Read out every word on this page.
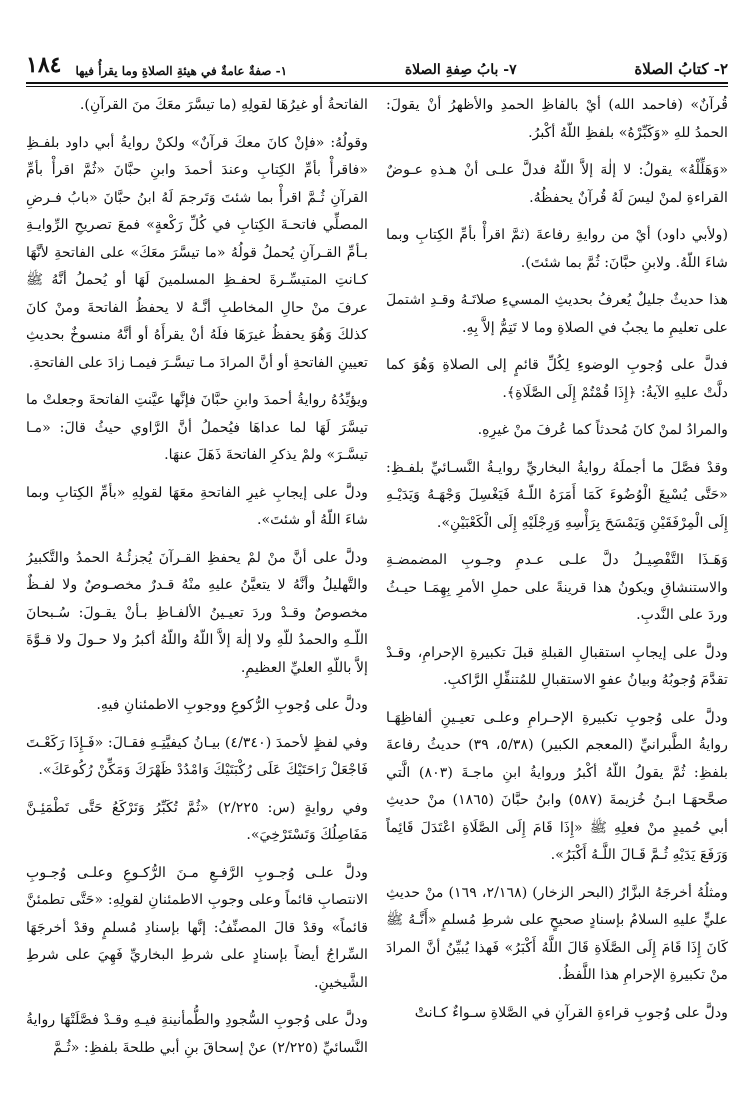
٢- كتابُ الصلاة
٧- بابُ صِفةِ الصلاة
١- صفةٌ عامةٌ في هيئةِ الصلاةِ وما يقرأُ فيها
١٨٤

قُرآنٌ» (فاحمد الله) أيْ بالفاظِ الحمدِ والأظهرُ أنْ يقولَ: الحمدُ للهِ «وَكَبِّرْهُ» بلفظِ اللّهُ أكْبرُ.

«وَهَلِّلْهُ» يقولُ: لا إلٰهَ إلاَّ اللّهُ فدلَّ علـى أنْ هـذهِ عـوضٌ القراءةِ لمنْ ليسَ لَهُ قُرآنٌ يحفظُهُ.

(ولأبي داود) أيْ من روايةِ رفاعةَ (ثمَّ اقرأْ بأمِّ الكِتابِ وبما شاءَ اللّهُ. ولابنِ حبَّانَ: ثُمَّ بما شئتَ).

هذا حديثٌ جليلٌ يُعرفُ بحديثِ المسيءِ صلاتَـهُ وقـدِ اشتملَ على تعليمِ ما يجبُ في الصلاةِ وما لا تَتِمُّ إلاَّ بِهِ.

فدلَّ على وُجوبِ الوضوءِ لِكُلِّ قائمٍ إلى الصلاةِ وَهُوَ كما دلَّتْ عليهِ الآيةُ: ﴿إِذَا قُمْتُمْ إِلَى الصَّلَاةِ﴾.

والمرادُ لمنْ كانَ مُحدثاً كما عُرفَ منْ غيرِهِ.

وقدْ فصَّلَ ما أجملَهُ روايةُ البخاريِّ روايـةُ النَّسـائيِّ بلفـظِ: «حَتَّى يُسْبِغَ الْوُضُوءَ كَمَا أَمَرَهُ اللّـهُ فَيَغْسِلَ وَجْهَـهُ وَيَدَيْـهِ إِلَى الْمِرْفَقَيْنِ وَيَمْسَحَ بِرَأْسِهِ وَرِجْلَيْهِ إِلَى الْكَعْبَيْنِ».

وَهَـذَا التَّفْصِيـلُ دلَّ علـى عـدمِ وجـوبِ المضمضـةِ والاستنشاقِ ويكونُ هذا قرينةً على حملِ الأمرِ بِهِمَـا حيـثُ وردَ على النَّدبِ.

ودلَّ على إيجابِ استقبالِ القبلةِ قبلَ تكبيرةِ الإحرامِ، وقـدْ تقدَّمَ وُجوبُهُ وبيانُ عفوِ الاستقبالِ للمُتنفِّلِ الرَّاكبِ.

ودلَّ على وُجوبِ تكبيرةِ الإحـرامِ وعلـى تعيـينِ ألفاظِهَـا روايةُ الطَّبرانيِّ (المعجم الكبير) (٥/٣٨، ٣٩) حديثُ رفاعةَ بلفظِ: ثُمَّ يقولُ اللّهُ أكْبرُ وروايةُ ابنِ ماجـةَ (٨٠٣) الَّتي صحَّحهَـا ابـنُ خُزيمةَ (٥٨٧) وابنُ حبَّانَ (١٨٦٥) منْ حديثِ أبي حُميدٍ منْ فعلِهِ ﷺ «إِذَا قَامَ إِلَى الصَّلَاةِ اعْتَدَلَ قَائِماً وَرَفَعَ يَدَيْهِ ثُـمَّ قَـالَ اللَّـهُ أَكْبَرُ».

ومثلُهُ أخرجَهُ البزَّارُ (البحر الزخار) (٢/١٦٨، ١٦٩) منْ حديثِ عليٍّ عليهِ السلامُ بإسنادٍ صحيحٍ على شرطِ مُسلمٍ «أَنَّـهُ ﷺ كَانَ إِذَا قَامَ إِلَى الصَّلَاةِ قَالَ اللَّهُ أَكْبَرُ» فَهذا يُبيِّنُ أنَّ المرادَ منْ تكبيرةِ الإحرامِ هذا اللَّفظُ.

ودلَّ على وُجوبِ قراءةِ القرآنِ في الصَّلاةِ سـواءٌ كـانتْ

الفاتحةُ أو غيرُهَا لقولِهِ (ما تيسَّرَ معَكَ منَ القرآنِ).

وقولُهُ: «فإنْ كانَ معكَ قرآنٌ» ولكنْ روايةُ أبي داود بلفـظِ «فاقرأْ بأمِّ الكِتابِ وعندَ أحمدَ وابنِ حبَّانَ «ثُمَّ اقرأْ بأمِّ القرآنِ ثُـمَّ اقرأْ بما شئتَ وَتَرجمَ لَهُ ابنُ حبَّانَ «بابُ فـرضِ المصلِّي فاتحـةَ الكِتابِ في كُلِّ رَكْعةٍ» فمعَ تصريحِ الرِّوايـةِ بـأمِّ القـرآنِ يُحملُ قولُهُ «ما تيسَّرَ معَكَ» على الفاتحةِ لأنَّهَا كـانتِ المتيسِّـرةَ لحفـظِ المسلمينَ لَهَا أو يُحملُ أنَّهُ ﷺ عرفَ منْ حالِ المخاطبِ أنَّـهُ لا يحفظُ الفاتحةَ ومنْ كانَ كذلكَ وَهُوَ يحفظُ غيرَهَا فلَهُ أنْ يقرأَهُ أو أنَّهُ منسوخٌ بحديثِ تعيينِ الفاتحةِ أو أنَّ المرادَ مـا تيسَّـرَ فيمـا زادَ على الفاتحةِ.

ويؤيِّدُهُ روايةُ أحمدَ وابنِ حبَّانَ فإنَّها عيَّنتِ الفاتحةَ وجعلتْ ما تيسَّرَ لَهَا لما عداهَا فيُحملُ أنَّ الرَّاوي حيثُ قالَ: «مـا تيسَّـرَ» ولمْ يذكرِ الفاتحةَ ذَهَلَ عنهَا.

ودلَّ على إيجابِ غيرِ الفاتحةِ معَهَا لقولِهِ «بأمِّ الكِتابِ وبما شاءَ اللّهُ أو شئتَ».

ودلَّ على أنَّ منْ لمْ يحفظِ القـرآنَ يُجزئُـهُ الحمدُ والتَّكبيرُ والتَّهليلُ وأنَّهُ لا يتعيَّنُ عليهِ منْهُ قـدرٌ مخصـوصٌ ولا لفـظٌ مخصوصٌ وقـدْ وردَ تعيـينُ الألفـاظِ بـأنْ يقـولَ: سُـبحانَ اللّـهِ والحمدُ للّهِ ولا إلٰهَ إلاَّ اللّهُ واللّهُ أكبرُ ولا حـولَ ولا قـوَّةَ إلاَّ باللّهِ العليِّ العظيمِ.

ودلَّ على وُجوبِ الرُّكوعِ ووجوبِ الاطمئنانِ فيهِ.

وفي لفظٍ لأحمدَ (٤/٣٤٠) بيـانُ كيفيَّتِـهِ فقـالَ: «فَـإِذَا رَكَعْـتَ فَاجْعَلْ رَاحَتَيْكَ عَلَى رُكْبَتَيْكَ وَامْدُدْ ظَهْرَكَ وَمَكِّنْ رُكُوعَكَ».

وفي روايةٍ (س: ٢/٢٢٥) «ثُمَّ تُكَبِّرُ وَتَرْكَعُ حَتَّى تَطْمَئِـنَّ مَفَاصِلُكَ وَتَسْتَرْخِيَ».

ودلَّ علـى وُجـوبِ الرَّفـعِ مـنَ الرُّكـوعِ وعلـى وُجـوبِ الانتصابِ قائماً وعلى وجوبِ الاطمئنانِ لقولِهِ: «حَتَّى تطمئنَّ قائماً» وقدْ قالَ المصنِّفُ: إنَّها بإسنادِ مُسلمٍ وقدْ أخرجَهَا السِّراجُ أيضاً بإسنادٍ على شرطِ البخاريِّ فَهِيَ على شرطِ الشَّيخينِ.

ودلَّ على وُجوبِ السُّجودِ والطُّمأنينةِ فيـهِ وقـدْ فصَّلَتْهَا روايةُ النَّسائيِّ (٢/٢٢٥) عنْ إسحاقَ بنِ أبي طلحةَ بلفظِ: «ثُـمَّ
